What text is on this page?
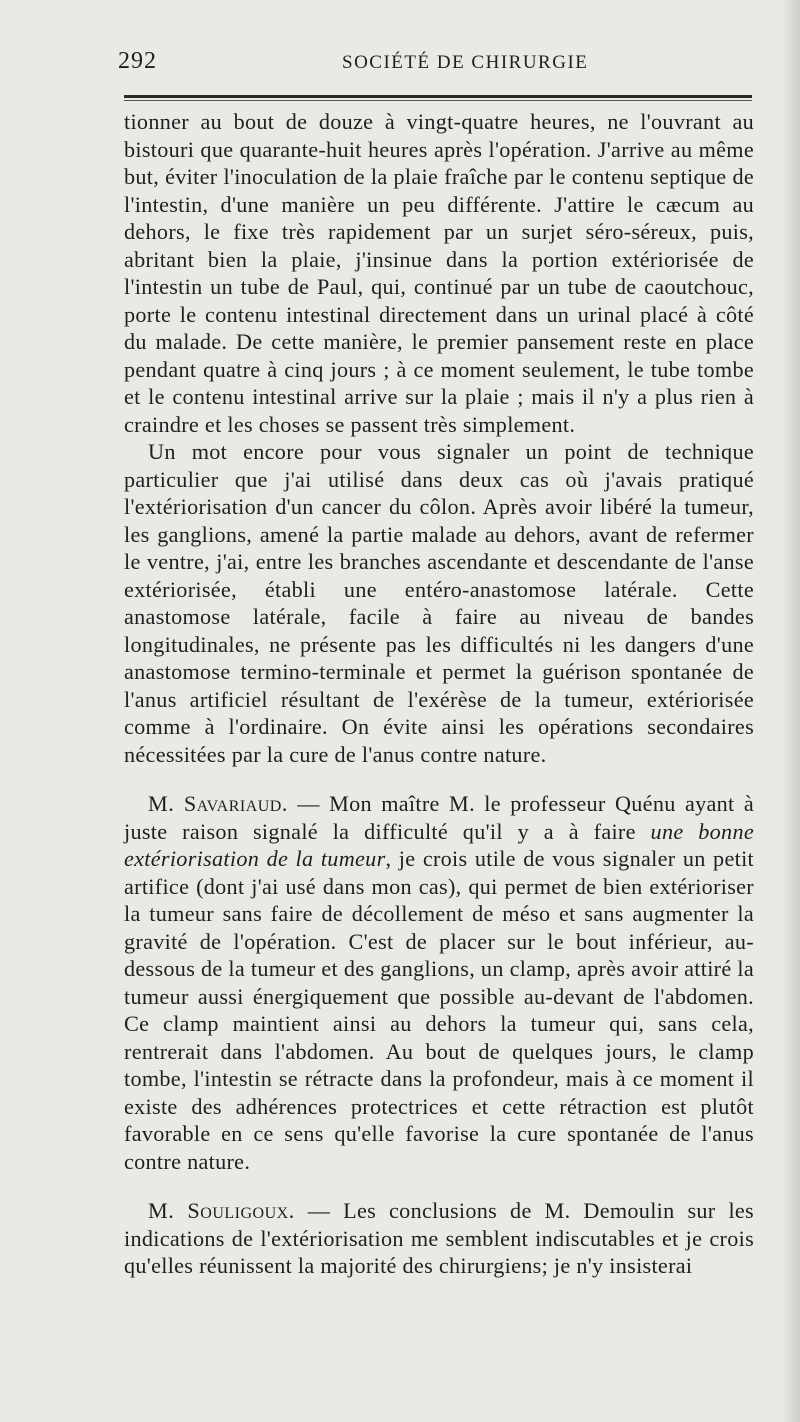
292	SOCIÉTÉ DE CHIRURGIE

tionner au bout de douze à vingt-quatre heures, ne l'ouvrant au bistouri que quarante-huit heures après l'opération. J'arrive au même but, éviter l'inoculation de la plaie fraîche par le contenu septique de l'intestin, d'une manière un peu différente. J'attire le cæcum au dehors, le fixe très rapidement par un surjet séro-séreux, puis, abritant bien la plaie, j'insinue dans la portion extériorisée de l'intestin un tube de Paul, qui, continué par un tube de caoutchouc, porte le contenu intestinal directement dans un urinal placé à côté du malade. De cette manière, le premier pansement reste en place pendant quatre à cinq jours ; à ce moment seulement, le tube tombe et le contenu intestinal arrive sur la plaie ; mais il n'y a plus rien à craindre et les choses se passent très simplement.

Un mot encore pour vous signaler un point de technique particulier que j'ai utilisé dans deux cas où j'avais pratiqué l'extériorisation d'un cancer du côlon. Après avoir libéré la tumeur, les ganglions, amené la partie malade au dehors, avant de refermer le ventre, j'ai, entre les branches ascendante et descendante de l'anse extériorisée, établi une entéro-anastomose latérale. Cette anastomose latérale, facile à faire au niveau de bandes longitudinales, ne présente pas les difficultés ni les dangers d'une anastomose termino-terminale et permet la guérison spontanée de l'anus artificiel résultant de l'exérèse de la tumeur, extériorisée comme à l'ordinaire. On évite ainsi les opérations secondaires nécessitées par la cure de l'anus contre nature.

M. Savariaud. — Mon maître M. le professeur Quénu ayant à juste raison signalé la difficulté qu'il y a à faire une bonne extériorisation de la tumeur, je crois utile de vous signaler un petit artifice (dont j'ai usé dans mon cas), qui permet de bien extérioriser la tumeur sans faire de décollement de méso et sans augmenter la gravité de l'opération. C'est de placer sur le bout inférieur, au-dessous de la tumeur et des ganglions, un clamp, après avoir attiré la tumeur aussi énergiquement que possible au-devant de l'abdomen. Ce clamp maintient ainsi au dehors la tumeur qui, sans cela, rentrerait dans l'abdomen. Au bout de quelques jours, le clamp tombe, l'intestin se rétracte dans la profondeur, mais à ce moment il existe des adhérences protectrices et cette rétraction est plutôt favorable en ce sens qu'elle favorise la cure spontanée de l'anus contre nature.

M. Souligoux. — Les conclusions de M. Demoulin sur les indications de l'extériorisation me semblent indiscutables et je crois qu'elles réunissent la majorité des chirurgiens; je n'y insisterai
